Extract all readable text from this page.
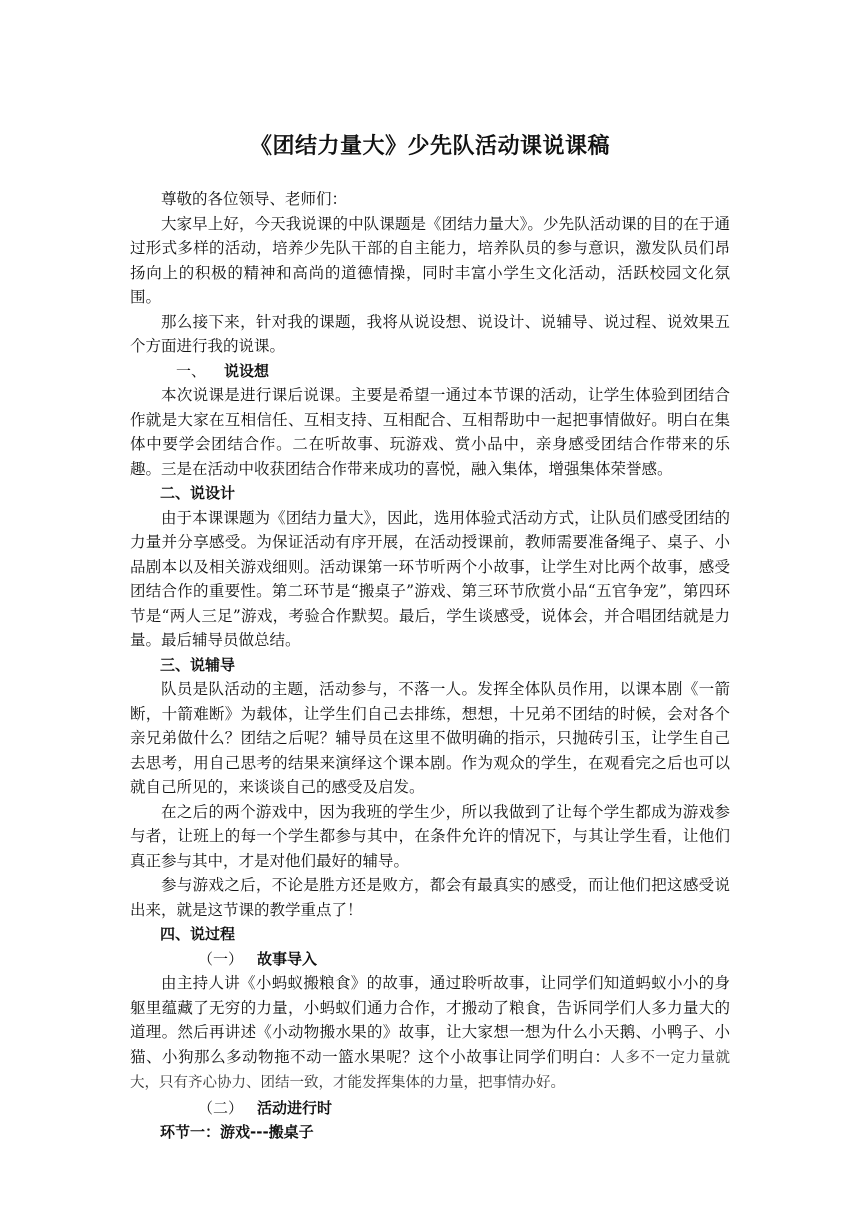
《团结力量大》少先队活动课说课稿

尊敬的各位领导、老师们：

大家早上好，今天我说课的中队课题是《团结力量大》。少先队活动课的目的在于通过形式多样的活动，培养少先队干部的自主能力，培养队员的参与意识，激发队员们昂扬向上的积极的精神和高尚的道德情操，同时丰富小学生文化活动，活跃校园文化氛围。

那么接下来，针对我的课题，我将从说设想、说设计、说辅导、说过程、说效果五个方面进行我的说课。

一、 说设想

本次说课是进行课后说课。主要是希望一通过本节课的活动，让学生体验到团结合作就是大家在互相信任、互相支持、互相配合、互相帮助中一起把事情做好。明白在集体中要学会团结合作。二在听故事、玩游戏、赏小品中，亲身感受团结合作带来的乐趣。三是在活动中收获团结合作带来成功的喜悦，融入集体，增强集体荣誉感。

二、说设计

由于本课课题为《团结力量大》，因此，选用体验式活动方式，让队员们感受团结的力量并分享感受。为保证活动有序开展，在活动授课前，教师需要准备绳子、桌子、小品剧本以及相关游戏细则。活动课第一环节听两个小故事，让学生对比两个故事，感受团结合作的重要性。第二环节是“搬桌子”游戏、第三环节欣赏小品“五官争宠”，第四环节是“两人三足”游戏，考验合作默契。最后，学生谈感受，说体会，并合唱团结就是力量。最后辅导员做总结。

三、说辅导

队员是队活动的主题，活动参与，不落一人。发挥全体队员作用，以课本剧《一箭断，十箭难断》为载体，让学生们自己去排练，想想，十兄弟不团结的时候，会对各个亲兄弟做什么？团结之后呢？辅导员在这里不做明确的指示，只抛砖引玉，让学生自己去思考，用自己思考的结果来演绎这个课本剧。作为观众的学生，在观看完之后也可以就自己所见的，来谈谈自己的感受及启发。

在之后的两个游戏中，因为我班的学生少，所以我做到了让每个学生都成为游戏参与者，让班上的每一个学生都参与其中，在条件允许的情况下，与其让学生看，让他们真正参与其中，才是对他们最好的辅导。

参与游戏之后，不论是胜方还是败方，都会有最真实的感受，而让他们把这感受说出来，就是这节课的教学重点了！

四、说过程

（一） 故事导入

由主持人讲《小蚂蚁搬粮食》的故事，通过聆听故事，让同学们知道蚂蚁小小的身躯里蕴藏了无穷的力量，小蚂蚁们通力合作，才搬动了粮食，告诉同学们人多力量大的道理。然后再讲述《小动物搬水果的》故事，让大家想一想为什么小天鹅、小鸭子、小猫、小狗那么多动物拖不动一篮水果呢？这个小故事让同学们明白：人多不一定力量就大，只有齐心协力、团结一致，才能发挥集体的力量，把事情办好。

（二） 活动进行时

环节一：游戏---搬桌子
